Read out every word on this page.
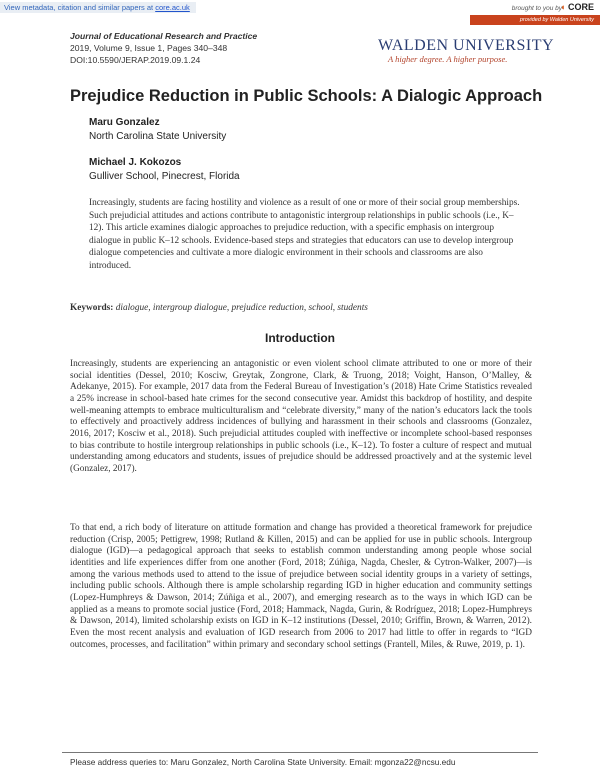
View metadata, citation and similar papers at core.ac.uk	brought to you by
◖ CORE
provided by Walden University
Journal of Educational Research and Practice
2019, Volume 9, Issue 1, Pages 340–348
DOI:10.5590/JERAP.2019.09.1.24
WALDEN UNIVERSITY
A higher degree. A higher purpose.
Prejudice Reduction in Public Schools: A Dialogic Approach
Maru Gonzalez
North Carolina State University
Michael J. Kokozos
Gulliver School, Pinecrest, Florida

Increasingly, students are facing hostility and violence as a result of one or more of their social group memberships. Such prejudicial attitudes and actions contribute to antagonistic intergroup relationships in public schools (i.e., K–12). This article examines dialogic approaches to prejudice reduction, with a specific emphasis on intergroup dialogue in public K–12 schools. Evidence-based steps and strategies that educators can use to develop intergroup dialogue competencies and cultivate a more dialogic environment in their schools and classrooms are also introduced.

Keywords: dialogue, intergroup dialogue, prejudice reduction, school, students

Introduction

Increasingly, students are experiencing an antagonistic or even violent school climate attributed to one or more of their social identities (Dessel, 2010; Kosciw, Greytak, Zongrone, Clark, & Truong, 2018; Voight, Hanson, O’Malley, & Adekanye, 2015). For example, 2017 data from the Federal Bureau of Investigation’s (2018) Hate Crime Statistics revealed a 25% increase in school-based hate crimes for the second consecutive year. Amidst this backdrop of hostility, and despite well-meaning attempts to embrace multiculturalism and “celebrate diversity,” many of the nation’s educators lack the tools to effectively and proactively address incidences of bullying and harassment in their schools and classrooms (Gonzalez, 2016, 2017; Kosciw et al., 2018). Such prejudicial attitudes coupled with ineffective or incomplete school-based responses to bias contribute to hostile intergroup relationships in public schools (i.e., K–12). To foster a culture of respect and mutual understanding among educators and students, issues of prejudice should be addressed proactively and at the systemic level (Gonzalez, 2017).

To that end, a rich body of literature on attitude formation and change has provided a theoretical framework for prejudice reduction (Crisp, 2005; Pettigrew, 1998; Rutland & Killen, 2015) and can be applied for use in public schools. Intergroup dialogue (IGD)—a pedagogical approach that seeks to establish common understanding among people whose social identities and life experiences differ from one another (Ford, 2018; Zúñiga, Nagda, Chesler, & Cytron-Walker, 2007)—is among the various methods used to attend to the issue of prejudice between social identity groups in a variety of settings, including public schools. Although there is ample scholarship regarding IGD in higher education and community settings (Lopez-Humphreys & Dawson, 2014; Zúñiga et al., 2007), and emerging research as to the ways in which IGD can be applied as a means to promote social justice (Ford, 2018; Hammack, Nagda, Gurin, & Rodríguez, 2018; Lopez-Humphreys & Dawson, 2014), limited scholarship exists on IGD in K–12 institutions (Dessel, 2010; Griffin, Brown, & Warren, 2012). Even the most recent analysis and evaluation of IGD research from 2006 to 2017 had little to offer in regards to “IGD outcomes, processes, and facilitation” within primary and secondary school settings (Frantell, Miles, & Ruwe, 2019, p. 1).

Please address queries to: Maru Gonzalez, North Carolina State University. Email: mgonza22@ncsu.edu
